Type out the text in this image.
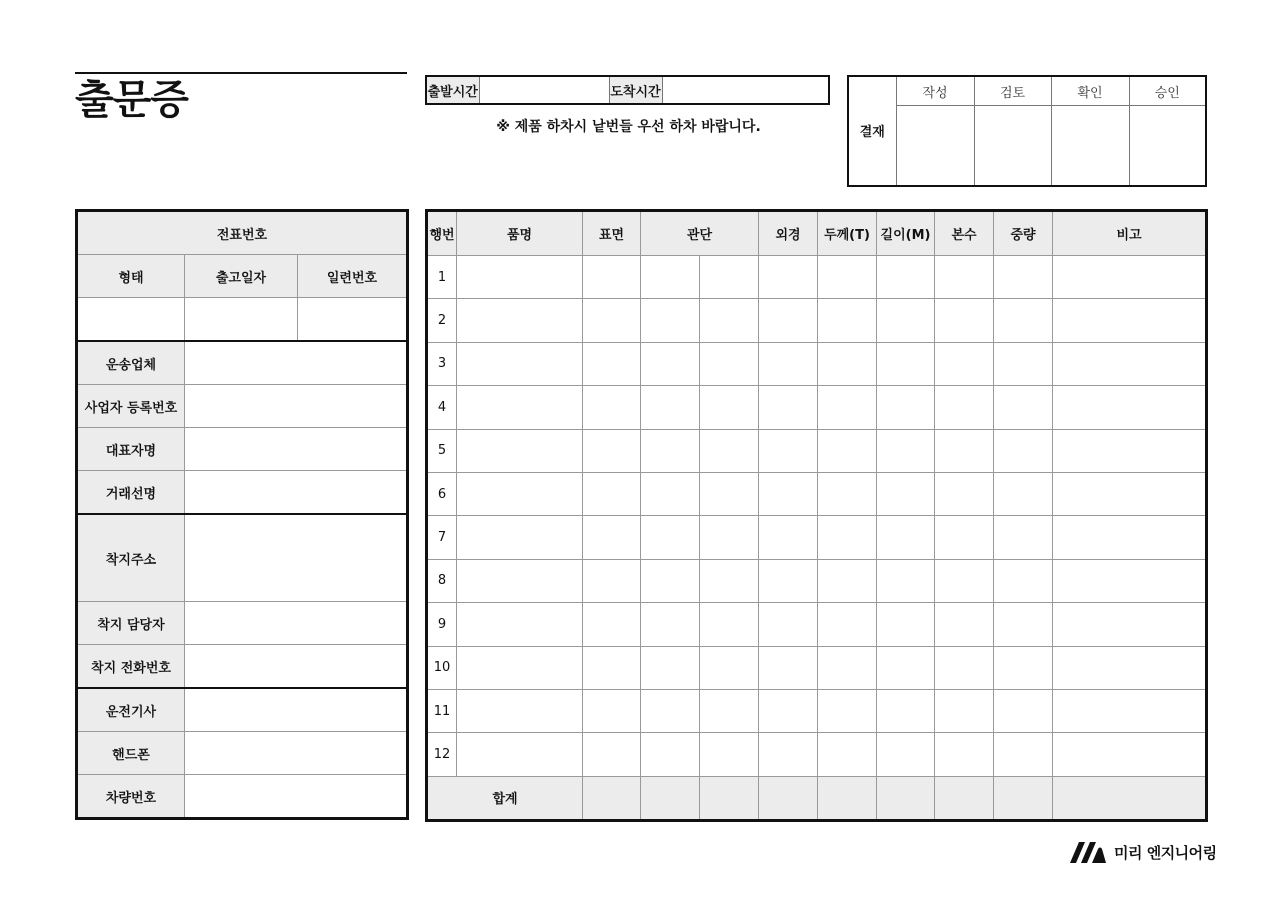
출문증	출발시간		도착시간	
※ 제품 하차시 낱번들 우선 하차 바랍니다.	결재	작성	검토	확인	승인

전표번호		
형태	출고일자	일련번호

운송업체		
사업자 등록번호		
대표자명		
거래선명		
착지주소		
착지 담당자		
착지 전화번호		
운전기사		
핸드폰		
차량번호		
행번	품명	표면	관단		외경	두께(T)	길이(M)	본수	중량	비고
1										
2										
3										
4										
5										
6										
7										
8										
9										
10										
11										
12										
합계										
미리 엔지니어링
